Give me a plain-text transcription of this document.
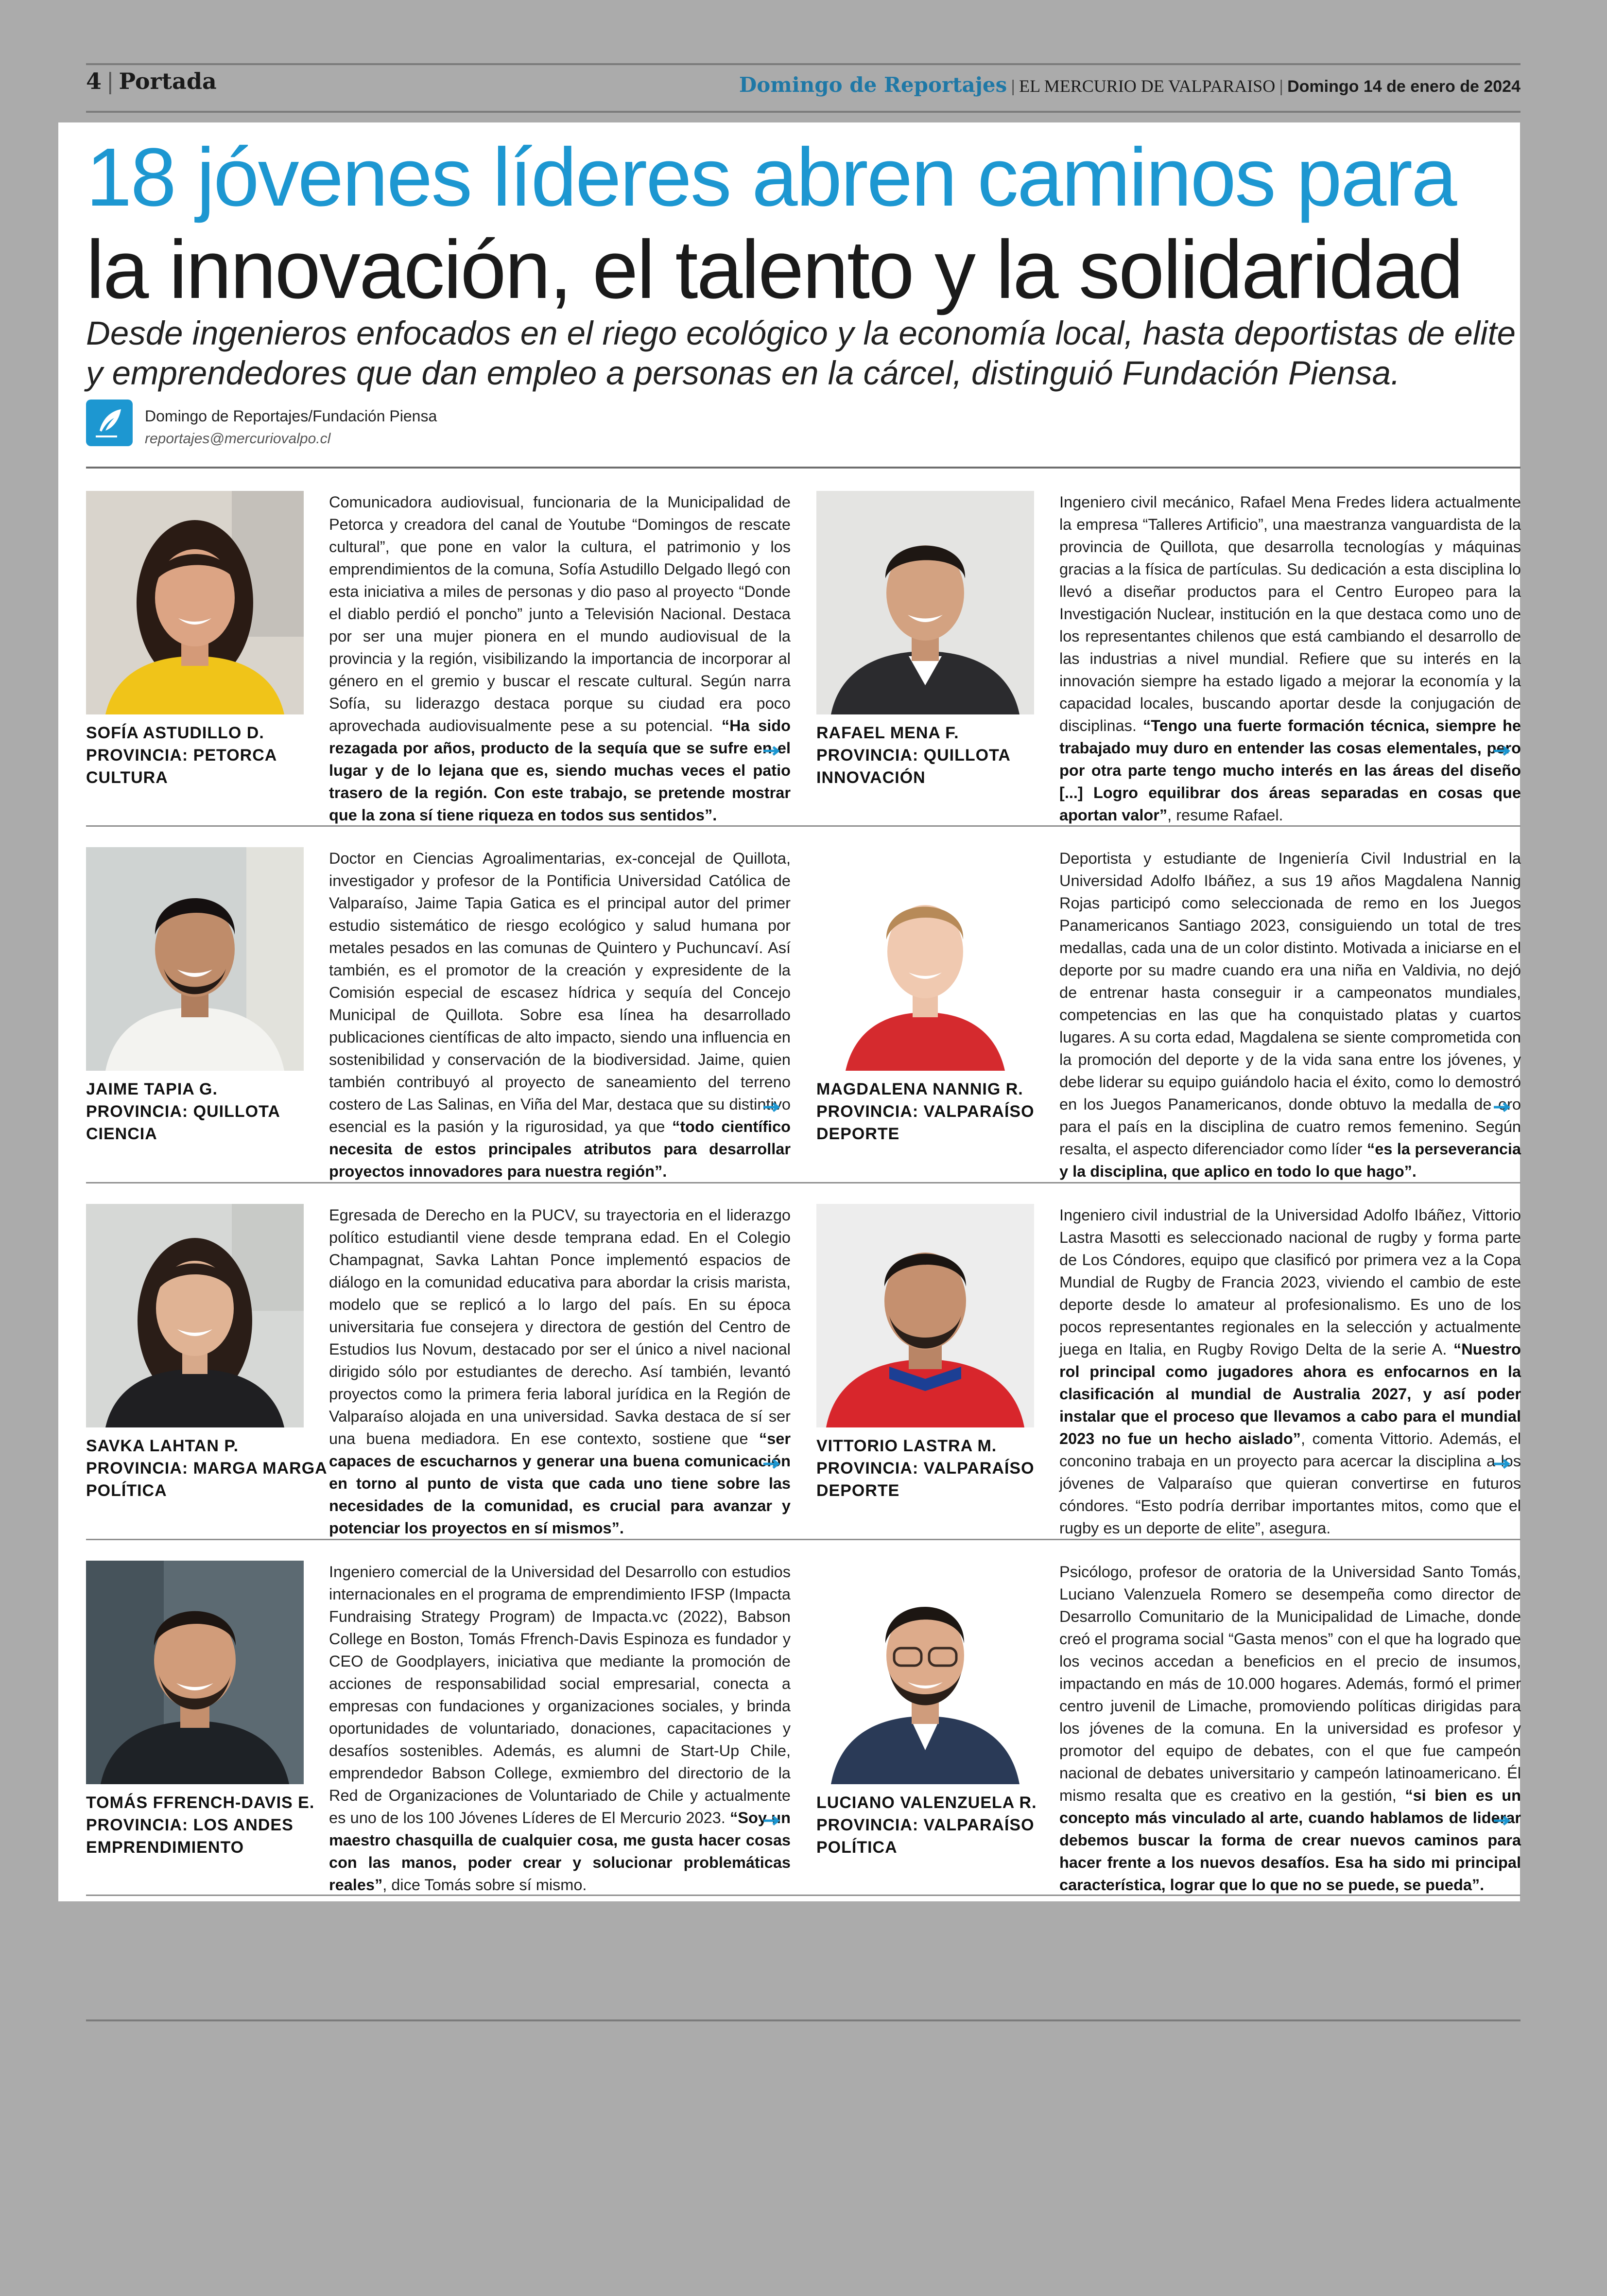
4 | Portada	Domingo de Reportajes | EL MERCURIO DE VALPARAISO | Domingo 14 de enero de 2024
18 jóvenes líderes abren caminos para
la innovación, el talento y la solidaridad

Desde ingenieros enfocados en el riego ecológico y la economía local, hasta deportistas de elite y emprendedores que dan empleo a personas en la cárcel, distinguió Fundación Piensa.

Domingo de Reportajes/Fundación Piensa
reportajes@mercuriovalpo.cl
SOFÍA ASTUDILLO D.
PROVINCIA: PETORCA
CULTURA
Comunicadora audiovisual, funcionaria de la Municipalidad de Petorca y creadora del canal de Youtube “Domingos de rescate cultural”, que pone en valor la cultura, el patrimonio y los emprendimientos de la comuna, Sofía Astudillo Delgado llegó con esta iniciativa a miles de personas y dio paso al proyecto “Donde el diablo perdió el poncho” junto a Televisión Nacional. Destaca por ser una mujer pionera en el mundo audiovisual de la provincia y la región, visibilizando la importancia de incorporar al género en el gremio y buscar el rescate cultural. Según narra Sofía, su liderazgo destaca porque su ciudad era poco aprovechada audiovisualmente pese a su potencial. “Ha sido rezagada por años, producto de la sequía que se sufre en el lugar y de lo lejana que es, siendo muchas veces el patio trasero de la región. Con este trabajo, se pretende mostrar que la zona sí tiene riqueza en todos sus sentidos”.
RAFAEL MENA F.
PROVINCIA: QUILLOTA
INNOVACIÓN
Ingeniero civil mecánico, Rafael Mena Fredes lidera actualmente la empresa “Talleres Artificio”, una maestranza vanguardista de la provincia de Quillota, que desarrolla tecnologías y máquinas gracias a la física de partículas. Su dedicación a esta disciplina lo llevó a diseñar productos para el Centro Europeo para la Investigación Nuclear, institución en la que destaca como uno de los representantes chilenos que está cambiando el desarrollo de las industrias a nivel mundial. Refiere que su interés en la innovación siempre ha estado ligado a mejorar la economía y la capacidad locales, buscando aportar desde la conjugación de disciplinas. “Tengo una fuerte formación técnica, siempre he trabajado muy duro en entender las cosas elementales, pero por otra parte tengo mucho interés en las áreas del diseño [...] Logro equilibrar dos áreas separadas en cosas que aportan valor”, resume Rafael.
JAIME TAPIA G.
PROVINCIA: QUILLOTA
CIENCIA
Doctor en Ciencias Agroalimentarias, ex-concejal de Quillota, investigador y profesor de la Pontificia Universidad Católica de Valparaíso, Jaime Tapia Gatica es el principal autor del primer estudio sistemático de riesgo ecológico y salud humana por metales pesados en las comunas de Quintero y Puchuncaví. Así también, es el promotor de la creación y expresidente de la Comisión especial de escasez hídrica y sequía del Concejo Municipal de Quillota. Sobre esa línea ha desarrollado publicaciones científicas de alto impacto, siendo una influencia en sostenibilidad y conservación de la biodiversidad. Jaime, quien también contribuyó al proyecto de saneamiento del terreno costero de Las Salinas, en Viña del Mar, destaca que su distintivo esencial es la pasión y la rigurosidad, ya que “todo científico necesita de estos principales atributos para desarrollar proyectos innovadores para nuestra región”.
MAGDALENA NANNIG R.
PROVINCIA: VALPARAÍSO
DEPORTE
Deportista y estudiante de Ingeniería Civil Industrial en la Universidad Adolfo Ibáñez, a sus 19 años Magdalena Nannig Rojas participó como seleccionada de remo en los Juegos Panamericanos Santiago 2023, consiguiendo un total de tres medallas, cada una de un color distinto. Motivada a iniciarse en el deporte por su madre cuando era una niña en Valdivia, no dejó de entrenar hasta conseguir ir a campeonatos mundiales, competencias en las que ha conquistado platas y cuartos lugares. A su corta edad, Magdalena se siente comprometida con la promoción del deporte y de la vida sana entre los jóvenes, y debe liderar su equipo guiándolo hacia el éxito, como lo demostró en los Juegos Panamericanos, donde obtuvo la medalla de oro para el país en la disciplina de cuatro remos femenino. Según resalta, el aspecto diferenciador como líder “es la perseverancia y la disciplina, que aplico en todo lo que hago”.
SAVKA LAHTAN P.
PROVINCIA: MARGA MARGA
POLÍTICA
Egresada de Derecho en la PUCV, su trayectoria en el liderazgo político estudiantil viene desde temprana edad. En el Colegio Champagnat, Savka Lahtan Ponce implementó espacios de diálogo en la comunidad educativa para abordar la crisis marista, modelo que se replicó a lo largo del país. En su época universitaria fue consejera y directora de gestión del Centro de Estudios Ius Novum, destacado por ser el único a nivel nacional dirigido sólo por estudiantes de derecho. Así también, levantó proyectos como la primera feria laboral jurídica en la Región de Valparaíso alojada en una universidad. Savka destaca de sí ser una buena mediadora. En ese contexto, sostiene que “ser capaces de escucharnos y generar una buena comunicación en torno al punto de vista que cada uno tiene sobre las necesidades de la comunidad, es crucial para avanzar y potenciar los proyectos en sí mismos”.
VITTORIO LASTRA M.
PROVINCIA: VALPARAÍSO
DEPORTE
Ingeniero civil industrial de la Universidad Adolfo Ibáñez, Vittorio Lastra Masotti es seleccionado nacional de rugby y forma parte de Los Cóndores, equipo que clasificó por primera vez a la Copa Mundial de Rugby de Francia 2023, viviendo el cambio de este deporte desde lo amateur al profesionalismo. Es uno de los pocos representantes regionales en la selección y actualmente juega en Italia, en Rugby Rovigo Delta de la serie A. “Nuestro rol principal como jugadores ahora es enfocarnos en la clasificación al mundial de Australia 2027, y así poder instalar que el proceso que llevamos a cabo para el mundial 2023 no fue un hecho aislado”, comenta Vittorio. Además, el conconino trabaja en un proyecto para acercar la disciplina a los jóvenes de Valparaíso que quieran convertirse en futuros cóndores. “Esto podría derribar importantes mitos, como que el rugby es un deporte de elite”, asegura.
TOMÁS FFRENCH-DAVIS E.
PROVINCIA: LOS ANDES
EMPRENDIMIENTO
Ingeniero comercial de la Universidad del Desarrollo con estudios internacionales en el programa de emprendimiento IFSP (Impacta Fundraising Strategy Program) de Impacta.vc (2022), Babson College en Boston, Tomás Ffrench-Davis Espinoza es fundador y CEO de Goodplayers, iniciativa que mediante la promoción de acciones de responsabilidad social empresarial, conecta a empresas con fundaciones y organizaciones sociales, y brinda oportunidades de voluntariado, donaciones, capacitaciones y desafíos sostenibles. Además, es alumni de Start-Up Chile, emprendedor Babson College, exmiembro del directorio de la Red de Organizaciones de Voluntariado de Chile y actualmente es uno de los 100 Jóvenes Líderes de El Mercurio 2023. “Soy un maestro chasquilla de cualquier cosa, me gusta hacer cosas con las manos, poder crear y solucionar problemáticas reales”, dice Tomás sobre sí mismo.
LUCIANO VALENZUELA R.
PROVINCIA: VALPARAÍSO
POLÍTICA
Psicólogo, profesor de oratoria de la Universidad Santo Tomás, Luciano Valenzuela Romero se desempeña como director de Desarrollo Comunitario de la Municipalidad de Limache, donde creó el programa social “Gasta menos” con el que ha logrado que los vecinos accedan a beneficios en el precio de insumos, impactando en más de 10.000 hogares. Además, formó el primer centro juvenil de Limache, promoviendo políticas dirigidas para los jóvenes de la comuna. En la universidad es profesor y promotor del equipo de debates, con el que fue campeón nacional de debates universitario y campeón latinoamericano. Él mismo resalta que es creativo en la gestión, “si bien es un concepto más vinculado al arte, cuando hablamos de liderar debemos buscar la forma de crear nuevos caminos para hacer frente a los nuevos desafíos. Esa ha sido mi principal característica, lograr que lo que no se puede, se pueda”.
